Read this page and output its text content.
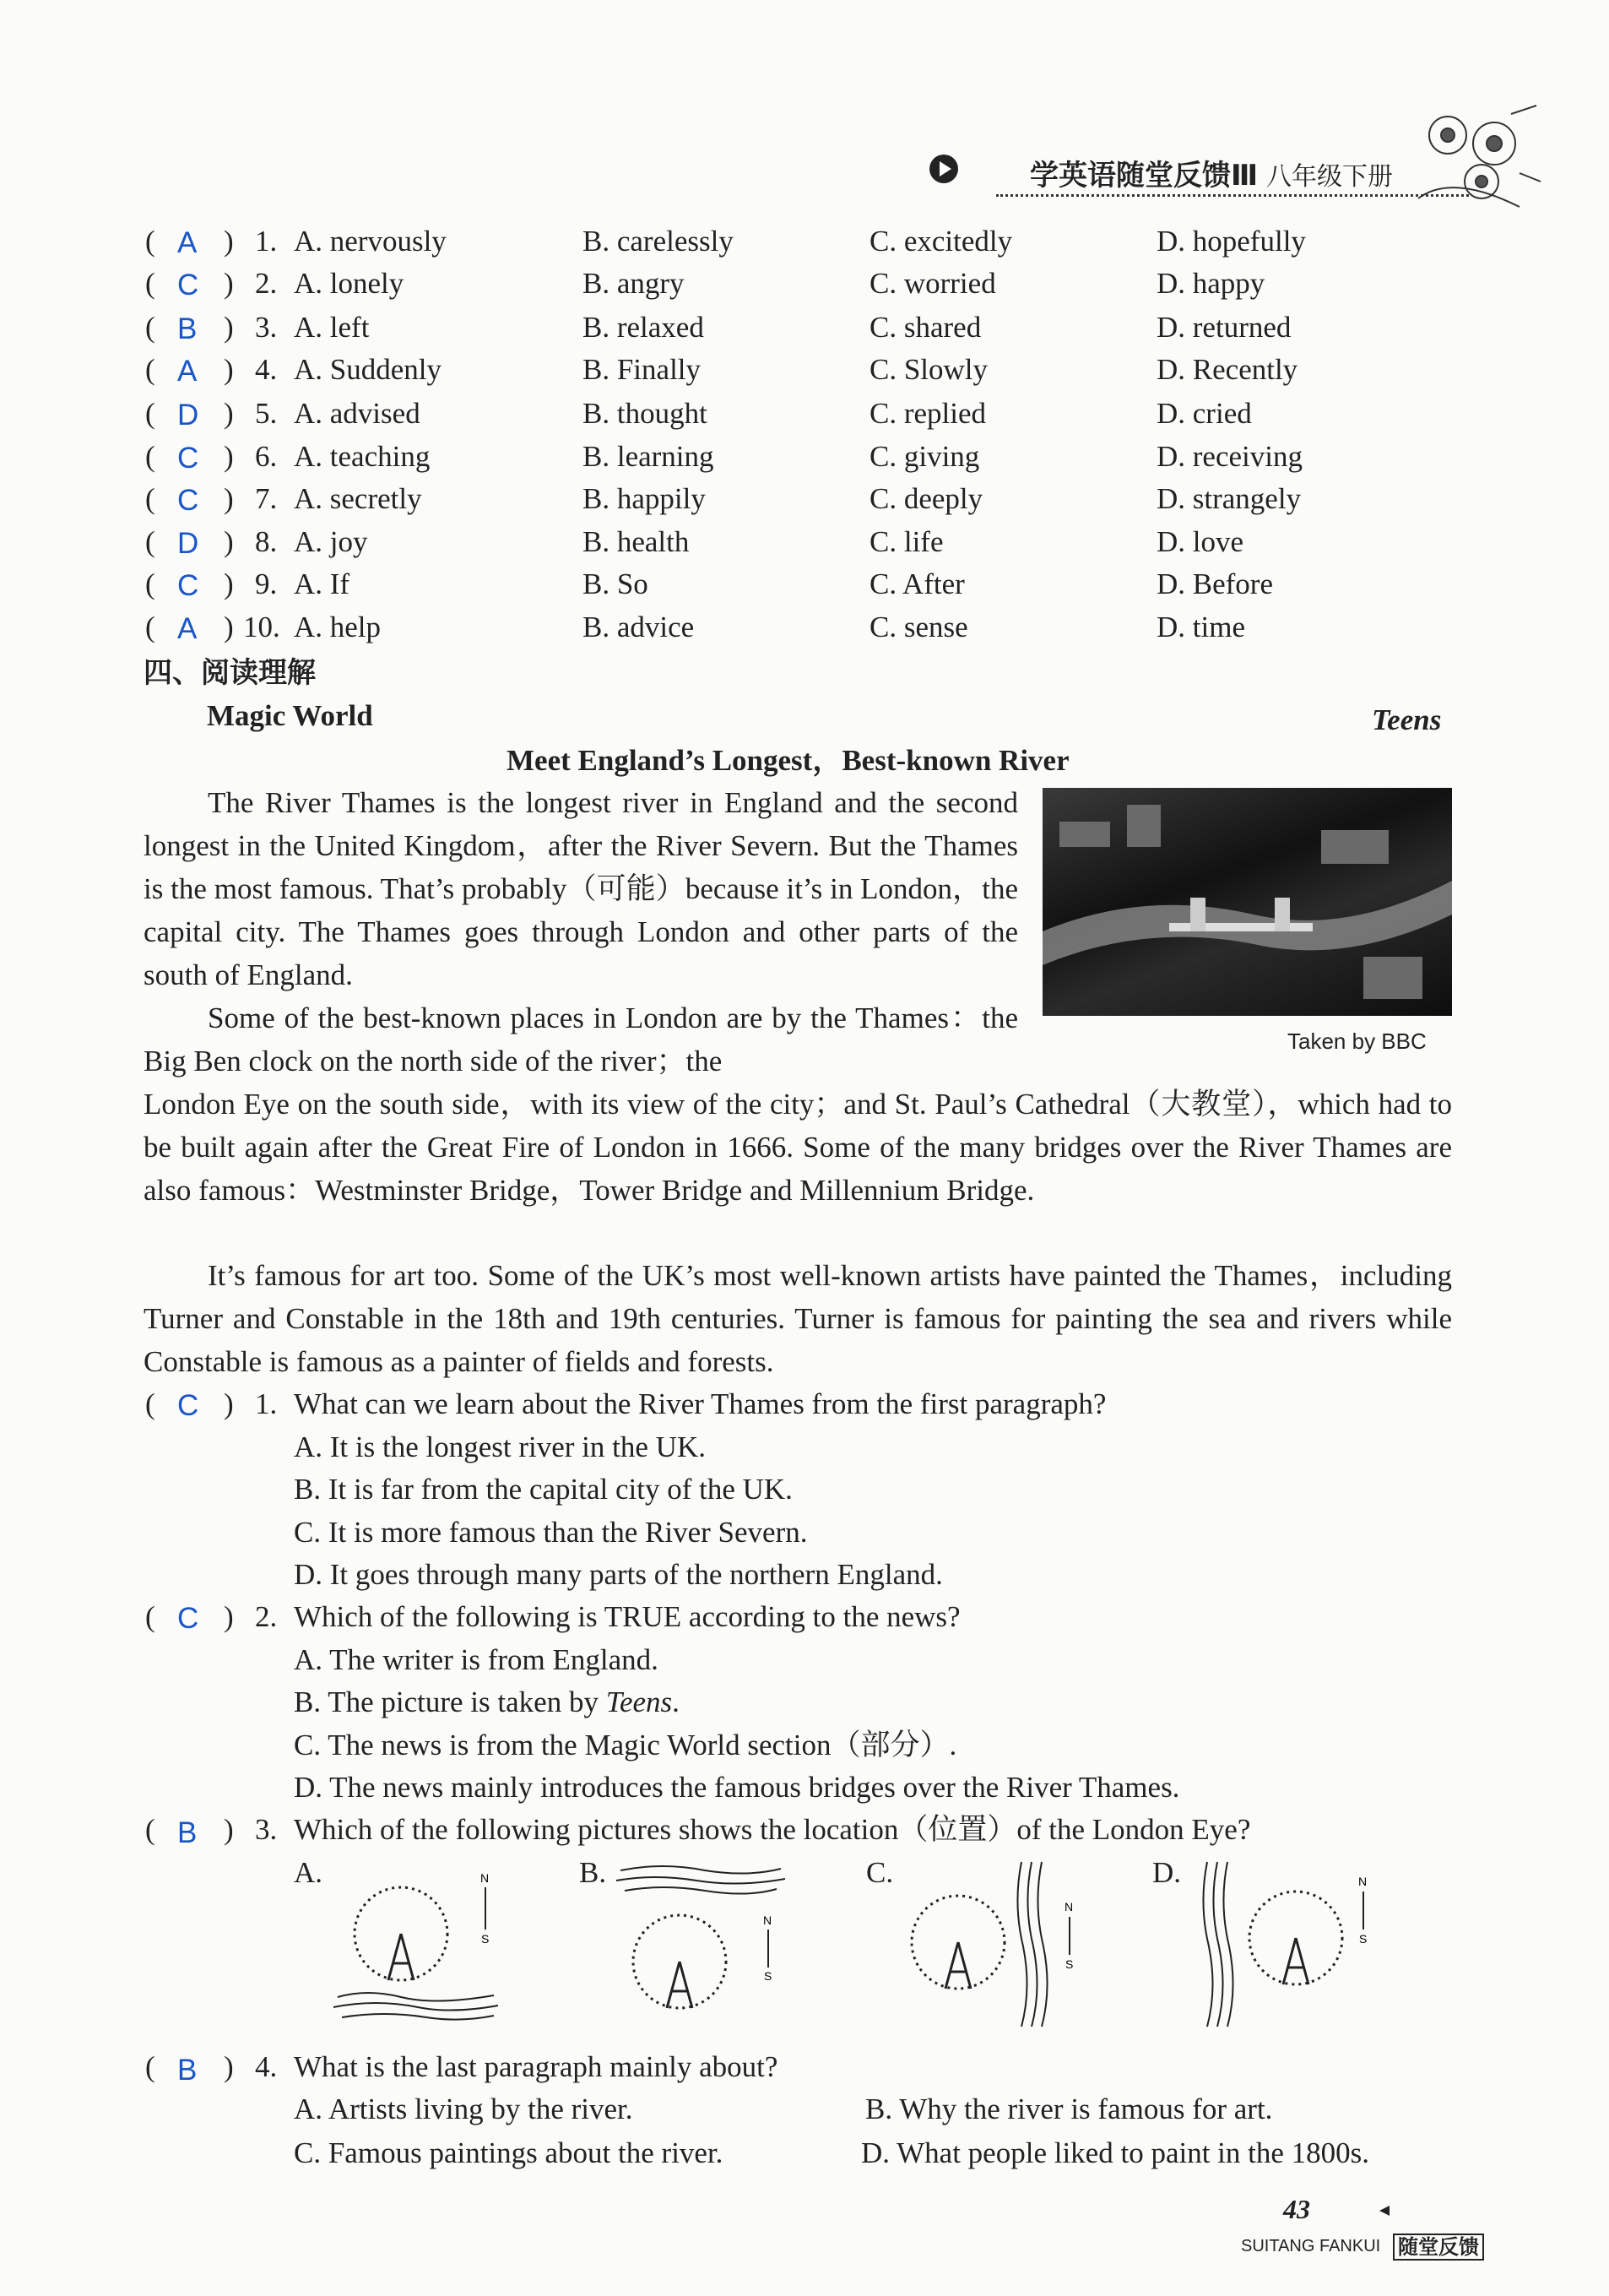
学英语随堂反馈Ⅲ 八年级下册
( A ) 1. A. nervously	B. carelessly	C. excitedly	D. hopefully
( C ) 2. A. lonely	B. angry	C. worried	D. happy
( B ) 3. A. left	B. relaxed	C. shared	D. returned
( A ) 4. A. Suddenly	B. Finally	C. Slowly	D. Recently
( D ) 5. A. advised	B. thought	C. replied	D. cried
( C ) 6. A. teaching	B. learning	C. giving	D. receiving
( C ) 7. A. secretly	B. happily	C. deeply	D. strangely
( D ) 8. A. joy	B. health	C. life	D. love
( C ) 9. A. If	B. So	C. After	D. Before
( A ) 10. A. help	B. advice	C. sense	D. time
四、阅读理解
Magic World	Teens
Meet England’s Longest，Best-known River
Taken by BBC

The River Thames is the longest river in England and the second longest in the United Kingdom，after the River Severn. But the Thames is the most famous. That’s probably（可能）because it’s in London，the capital city. The Thames goes through London and other parts of the south of England.

Some of the best-known places in London are by the Thames：the Big Ben clock on the north side of the river；the

London Eye on the south side，with its view of the city；and St. Paul’s Cathedral（大教堂），which had to be built again after the Great Fire of London in 1666. Some of the many bridges over the River Thames are also famous：Westminster Bridge，Tower Bridge and Millennium Bridge.

It’s famous for art too. Some of the UK’s most well-known artists have painted the Thames，including Turner and Constable in the 18th and 19th centuries. Turner is famous for painting the sea and rivers while Constable is famous as a painter of fields and forests.

( C ) 1. What can we learn about the River Thames from the first paragraph?
A. It is the longest river in the UK.
B. It is far from the capital city of the UK.
C. It is more famous than the River Severn.
D. It goes through many parts of the northern England.
( C ) 2. Which of the following is TRUE according to the news?
A. The writer is from England.
B. The picture is taken by Teens.
C. The news is from the Magic World section（部分）.
D. The news mainly introduces the famous bridges over the River Thames.
( B ) 3. Which of the following pictures shows the location（位置）of the London Eye?
A.	B.	C.	D.
N
S
N
S
N
S
N
S
( B ) 4. What is the last paragraph mainly about?
A. Artists living by the river.	B. Why the river is famous for art.
C. Famous paintings about the river.	D. What people liked to paint in the 1800s.
43
SUITANG FANKUI 随堂反馈
